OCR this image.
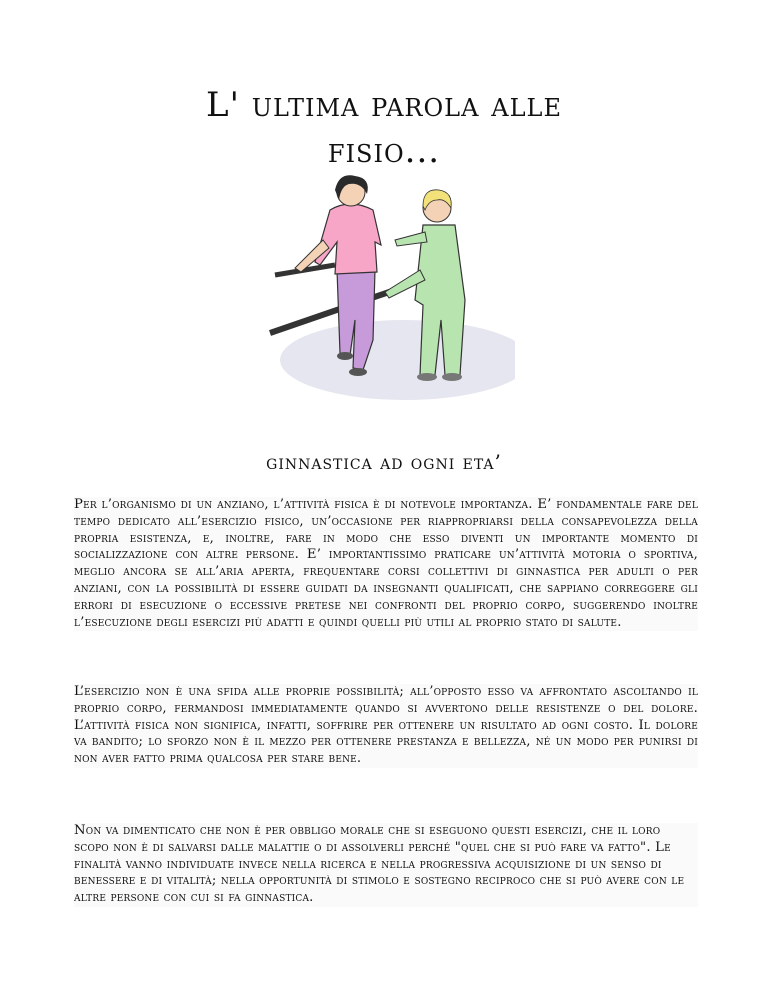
L' ultima parola alle
fisio...
ginnastica ad ogni eta’
Per l’organismo di un anziano, l’attività fisica è di notevole importanza. E’ fondamentale fare del tempo dedicato all’esercizio fisico, un’occasione per riappropriarsi della consapevolezza della propria esistenza, e, inoltre, fare in modo che esso diventi un importante momento di socializzazione con altre persone. E’ importantissimo praticare un’attività motoria o sportiva, meglio ancora se all’aria aperta, frequentare corsi collettivi di ginnastica per adulti o per anziani, con la possibilità di essere guidati da insegnanti qualificati, che sappiano correggere gli errori di esecuzione o eccessive pretese nei confronti del proprio corpo, suggerendo inoltre l’esecuzione degli esercizi più adatti e quindi quelli più utili al proprio stato di salute.
L’esercizio non è una sfida alle proprie possibilità; all’opposto esso va affrontato ascoltando il proprio corpo, fermandosi immediatamente quando si avvertono delle resistenze o del dolore. L’attività fisica non significa, infatti, soffrire per ottenere un risultato ad ogni costo. Il dolore va bandito; lo sforzo non è il mezzo per ottenere prestanza e bellezza, né un modo per punirsi di non aver fatto prima qualcosa per stare bene.
Non va dimenticato che non è per obbligo morale che si eseguono questi esercizi, che il loro scopo non è di salvarsi dalle malattie o di assolverli perché "quel che si può fare va fatto". Le finalità vanno individuate invece nella ricerca e nella progressiva acquisizione di un senso di benessere e di vitalità; nella opportunità di stimolo e sostegno reciproco che si può avere con le altre persone con cui si fa ginnastica.
